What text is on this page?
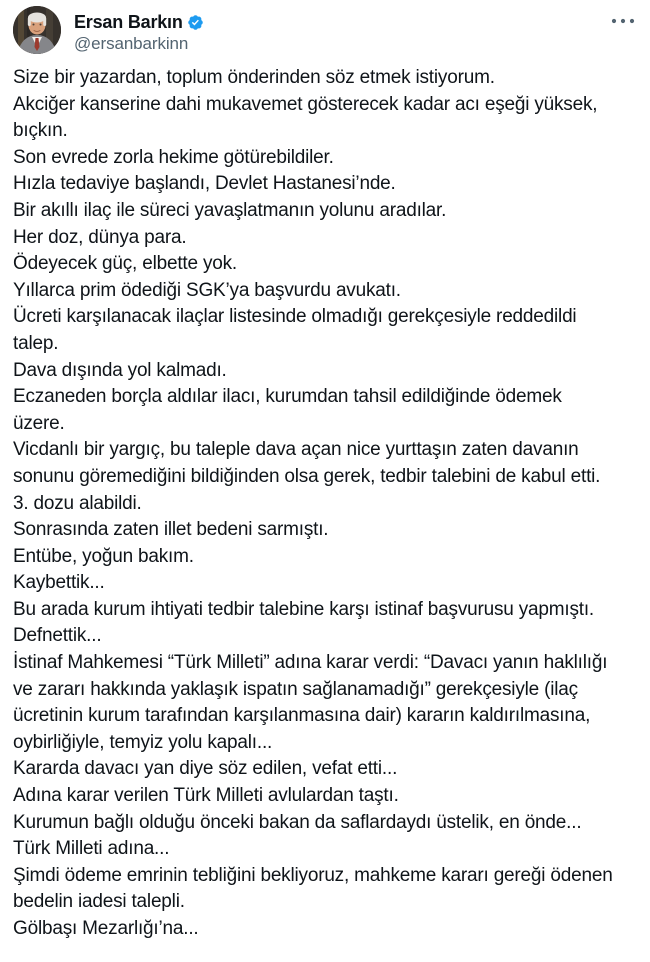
Ersan Barkın
@ersanbarkinn
Size bir yazardan, toplum önderinden söz etmek istiyorum.
Akciğer kanserine dahi mukavemet gösterecek kadar acı eşeği yüksek,
bıçkın.
Son evrede zorla hekime götürebildiler.
Hızla tedaviye başlandı, Devlet Hastanesi’nde.
Bir akıllı ilaç ile süreci yavaşlatmanın yolunu aradılar.
Her doz, dünya para.
Ödeyecek güç, elbette yok.
Yıllarca prim ödediği SGK’ya başvurdu avukatı.
Ücreti karşılanacak ilaçlar listesinde olmadığı gerekçesiyle reddedildi
talep.
Dava dışında yol kalmadı.
Eczaneden borçla aldılar ilacı, kurumdan tahsil edildiğinde ödemek
üzere.
Vicdanlı bir yargıç, bu taleple dava açan nice yurttaşın zaten davanın
sonunu göremediğini bildiğinden olsa gerek, tedbir talebini de kabul etti.
3. dozu alabildi.
Sonrasında zaten illet bedeni sarmıştı.
Entübe, yoğun bakım.
Kaybettik...
Bu arada kurum ihtiyati tedbir talebine karşı istinaf başvurusu yapmıştı.
Defnettik...
İstinaf Mahkemesi “Türk Milleti” adına karar verdi: “Davacı yanın haklılığı
ve zararı hakkında yaklaşık ispatın sağlanamadığı” gerekçesiyle (ilaç
ücretinin kurum tarafından karşılanmasına dair) kararın kaldırılmasına,
oybirliğiyle, temyiz yolu kapalı...
Kararda davacı yan diye söz edilen, vefat etti...
Adına karar verilen Türk Milleti avlulardan taştı.
Kurumun bağlı olduğu önceki bakan da saflardaydı üstelik, en önde...
Türk Milleti adına...
Şimdi ödeme emrinin tebliğini bekliyoruz, mahkeme kararı gereği ödenen
bedelin iadesi talepli.
Gölbaşı Mezarlığı’na...
